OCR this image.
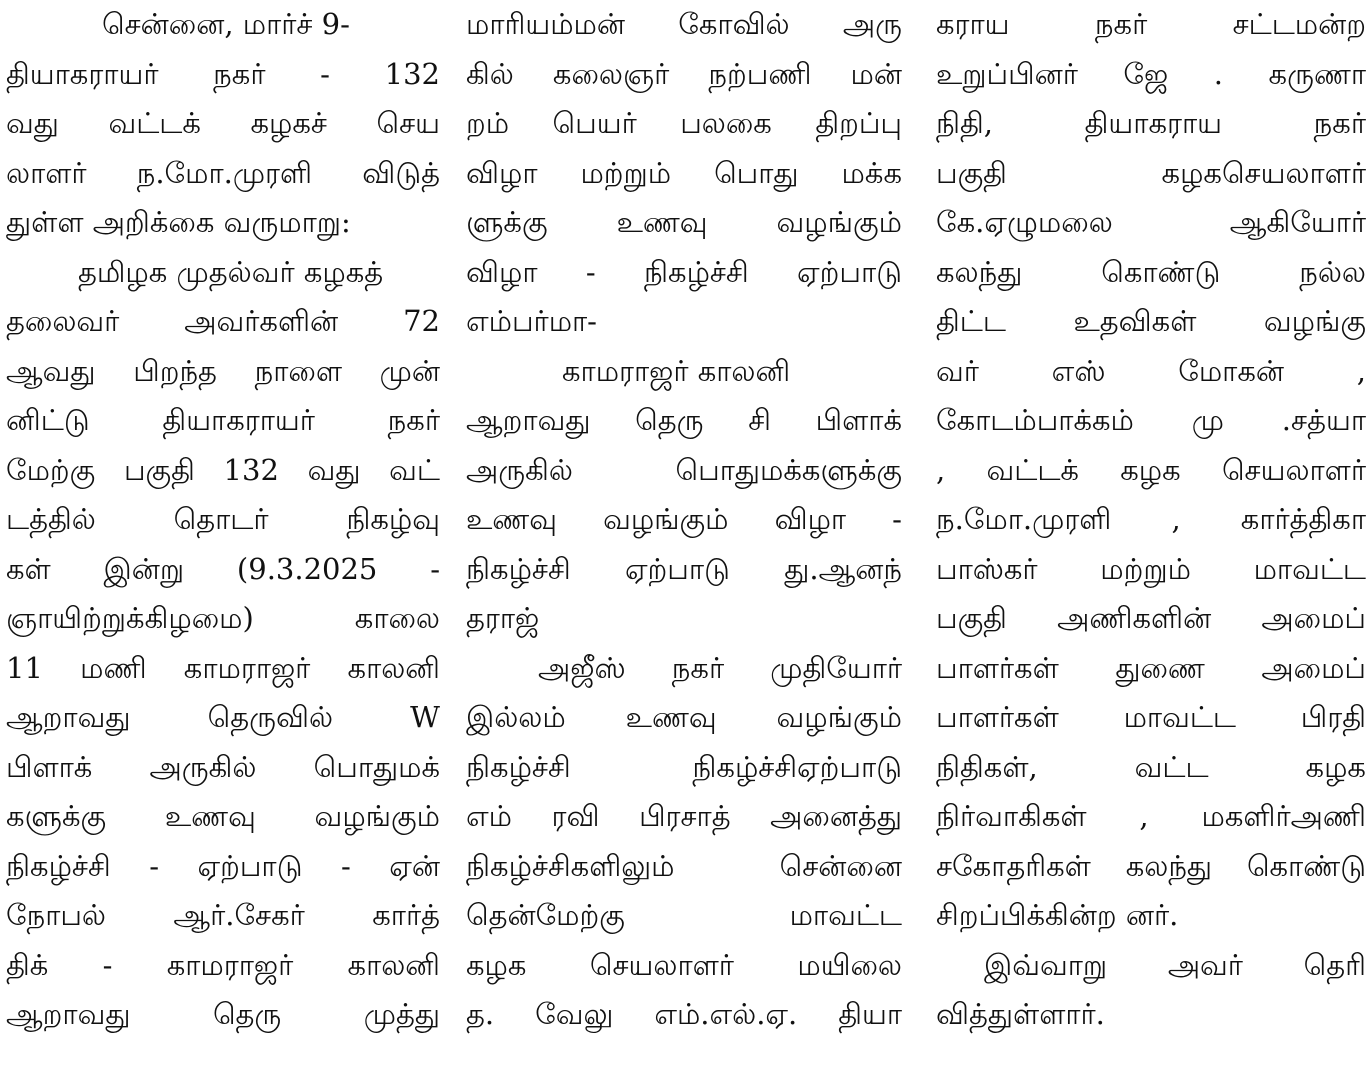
சென்னை, மார்ச் 9-
தியாகராயர் நகர் - 132
வது வட்டக் கழகச் செய
லாளர் ந.மோ.முரளி விடுத்
துள்ள அறிக்கை வருமாறு:
தமிழக முதல்வர் கழகத்
தலைவர் அவர்களின் 72
ஆவது பிறந்த நாளை முன்
னிட்டு தியாகராயர் நகர்
மேற்கு பகுதி 132 வது வட்
டத்தில் தொடர் நிகழ்வு
கள் இன்று (9.3.2025 -
ஞாயிற்றுக்கிழமை) காலை
11 மணி காமராஜர் காலனி
ஆறாவது தெருவில் W
பிளாக் அருகில் பொதுமக்
களுக்கு உணவு வழங்கும்
நிகழ்ச்சி - ஏற்பாடு - ஏன்
நோபல் ஆர்.சேகர் கார்த்
திக் - காமராஜர் காலனி
ஆறாவது தெரு முத்து
மாரியம்மன் கோவில் அரு
கில் கலைஞர் நற்பணி மன்
றம் பெயர் பலகை திறப்பு
விழா மற்றும் பொது மக்க
ளுக்கு உணவு வழங்கும்
விழா - நிகழ்ச்சி ஏற்பாடு
எம்பர்மா-
காமராஜர் காலனி
ஆறாவது தெரு சி பிளாக்
அருகில் பொதுமக்களுக்கு
உணவு வழங்கும் விழா -
நிகழ்ச்சி ஏற்பாடு து.ஆனந்
தராஜ்
அஜீஸ் நகர் முதியோர்
இல்லம் உணவு வழங்கும்
நிகழ்ச்சி நிகழ்ச்சிஏற்பாடு
எம் ரவி பிரசாத் அனைத்து
நிகழ்ச்சிகளிலும் சென்னை
தென்மேற்கு மாவட்ட
கழக செயலாளர் மயிலை
த. வேலு எம்.எல்.ஏ. தியா
கராய நகர் சட்டமன்ற
உறுப்பினர் ஜே . கருணா
நிதி, தியாகராய நகர்
பகுதி கழகசெயலாளர்
கே.ஏழுமலை ஆகியோர்
கலந்து கொண்டு நல்ல
திட்ட உதவிகள் வழங்கு
வர் எஸ் மோகன் ,
கோடம்பாக்கம் மு .சத்யா
, வட்டக் கழக செயலாளர்
ந.மோ.முரளி , கார்த்திகா
பாஸ்கர் மற்றும் மாவட்ட
பகுதி அணிகளின் அமைப்
பாளர்கள் துணை அமைப்
பாளர்கள் மாவட்ட பிரதி
நிதிகள், வட்ட கழக
நிர்வாகிகள் , மகளிர்அணி
சகோதரிகள் கலந்து கொண்டு
சிறப்பிக்கின்ற னர்.
இவ்வாறு அவர் தெரி
வித்துள்ளார்.
